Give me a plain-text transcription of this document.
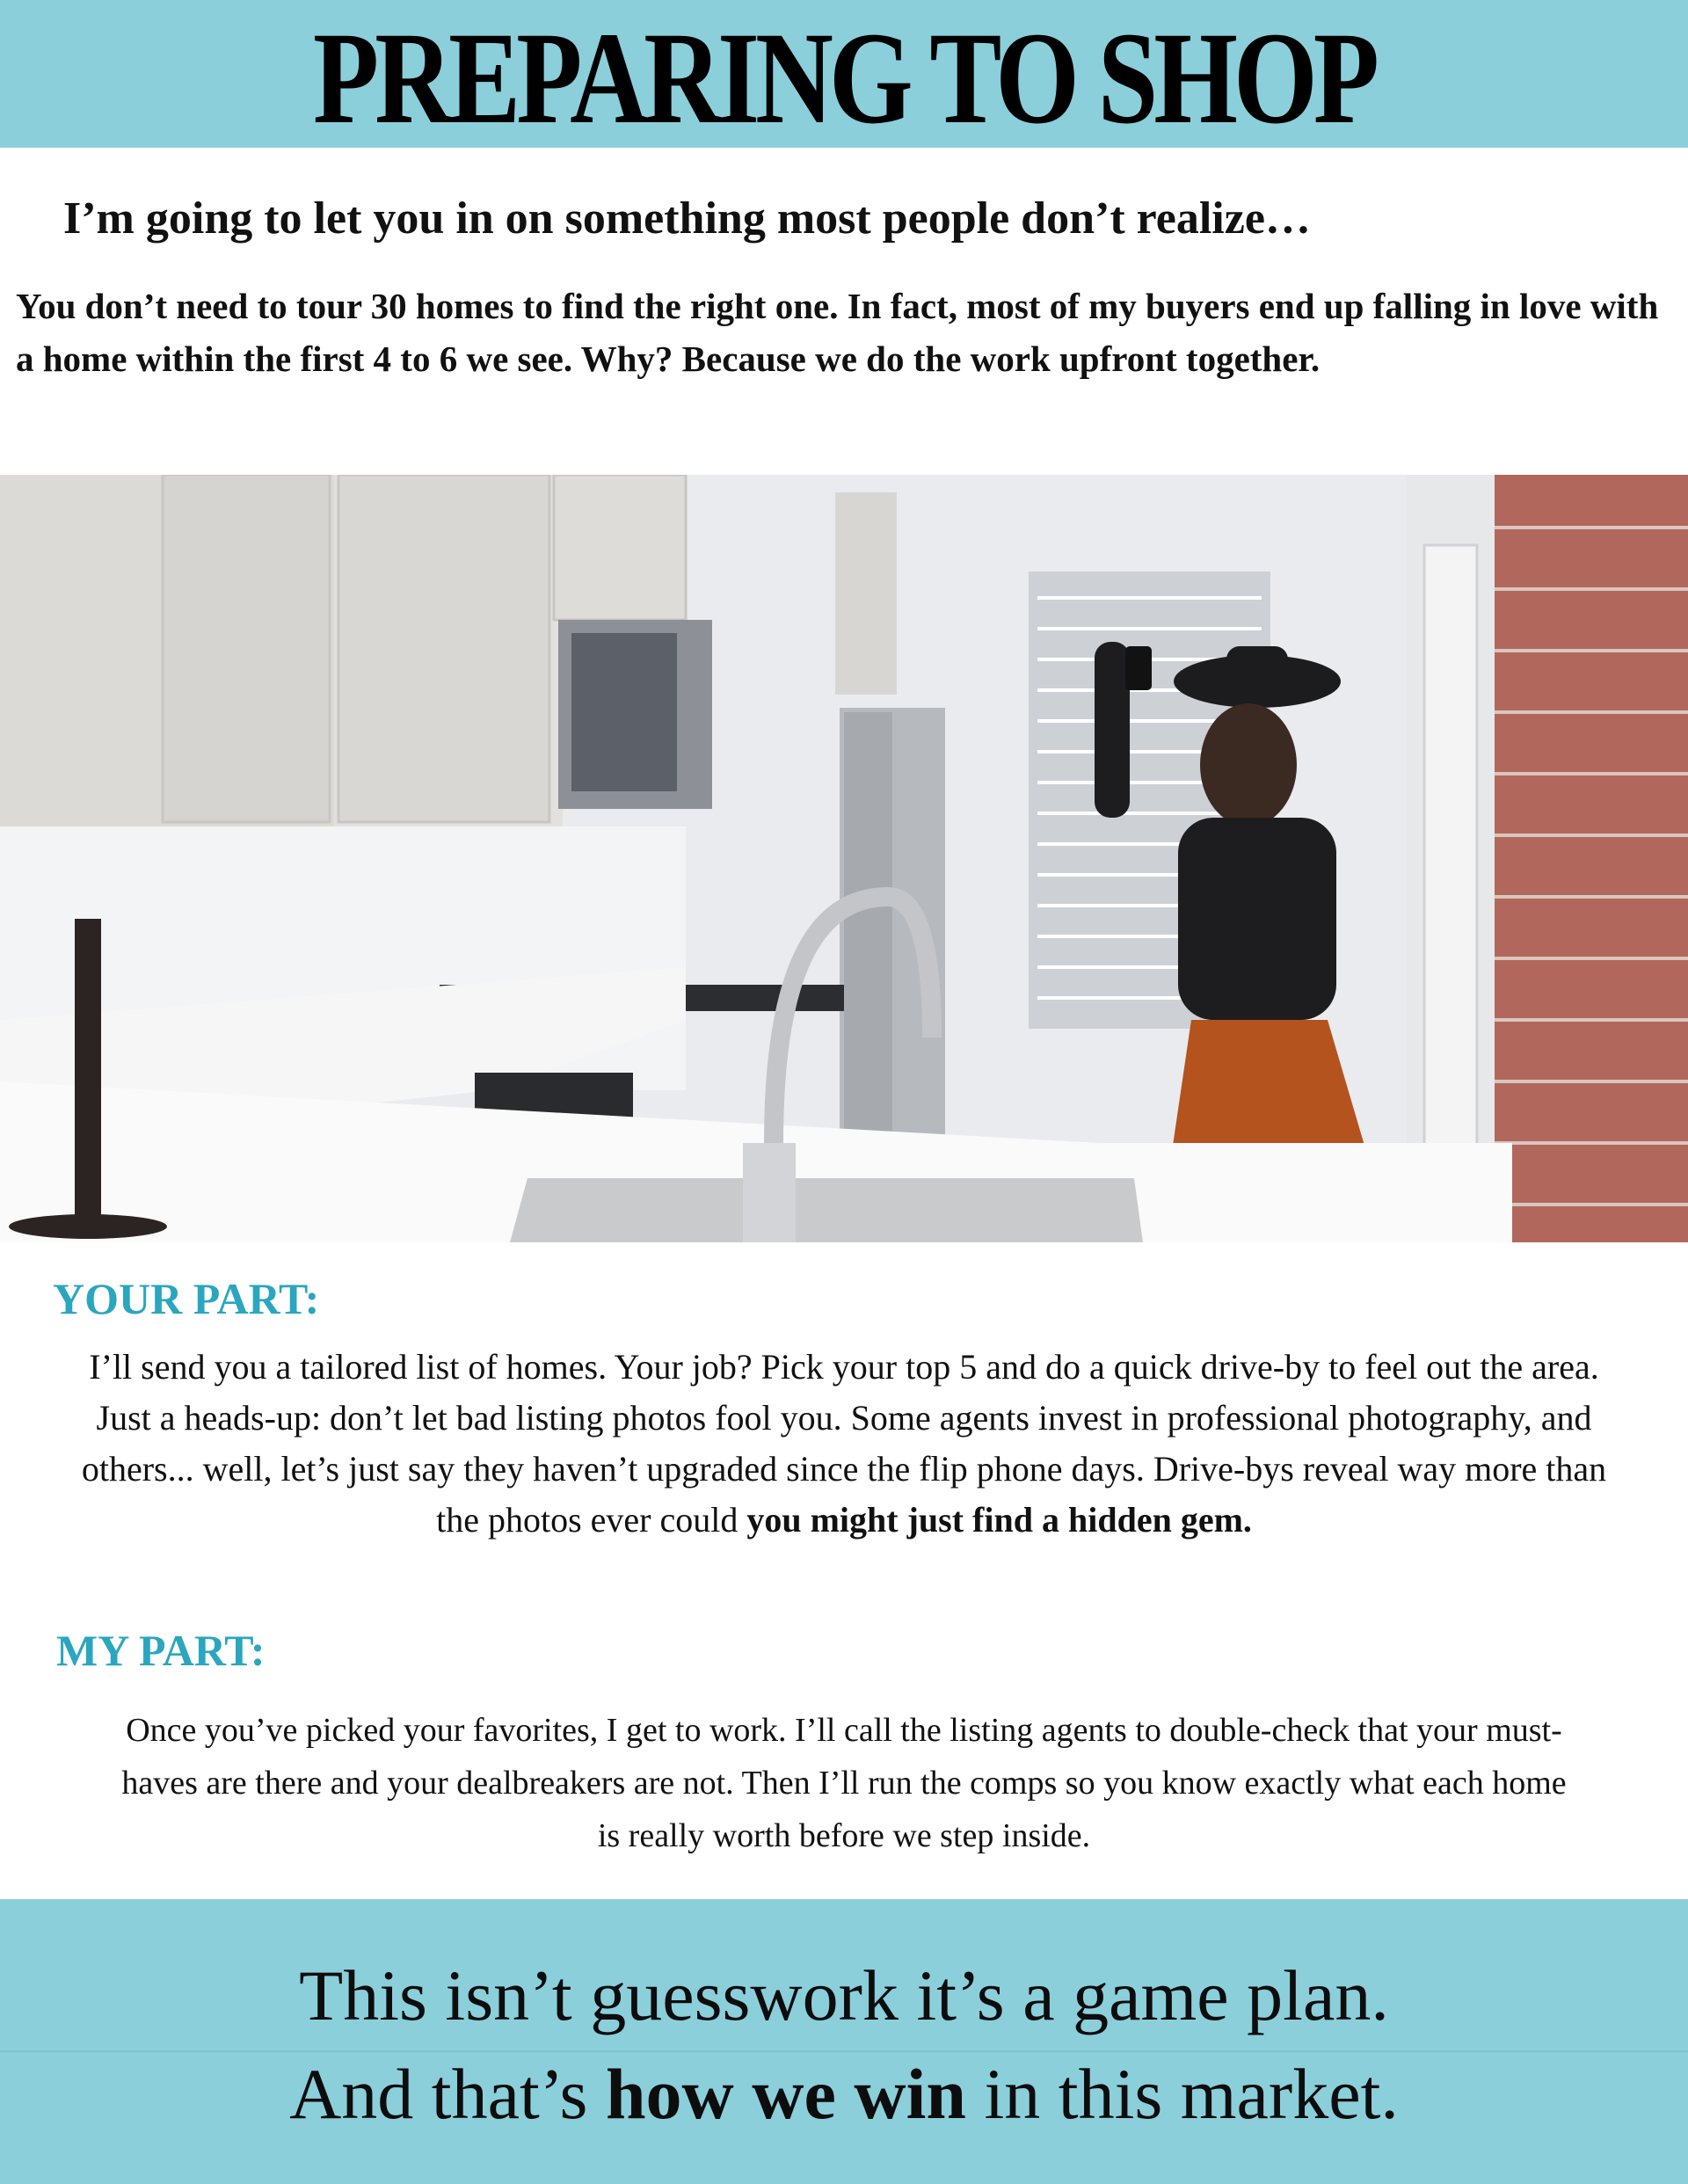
PREPARING TO SHOP

I’m going to let you in on something most people don’t realize…

You don’t need to tour 30 homes to find the right one. In fact, most of my buyers end up falling in love with a home within the first 4 to 6 we see. Why? Because we do the work upfront together.

YOUR PART:
I’ll send you a tailored list of homes. Your job? Pick your top 5 and do a quick drive-by to feel out the area.
Just a heads-up: don’t let bad listing photos fool you. Some agents invest in professional photography, and
others... well, let’s just say they haven’t upgraded since the flip phone days. Drive-bys reveal way more than
the photos ever could you might just find a hidden gem.
MY PART:
Once you’ve picked your favorites, I get to work. I’ll call the listing agents to double-check that your must-
haves are there and your dealbreakers are not. Then I’ll run the comps so you know exactly what each home
is really worth before we step inside.

This isn’t guesswork it’s a game plan.

And that’s how we win in this market.
